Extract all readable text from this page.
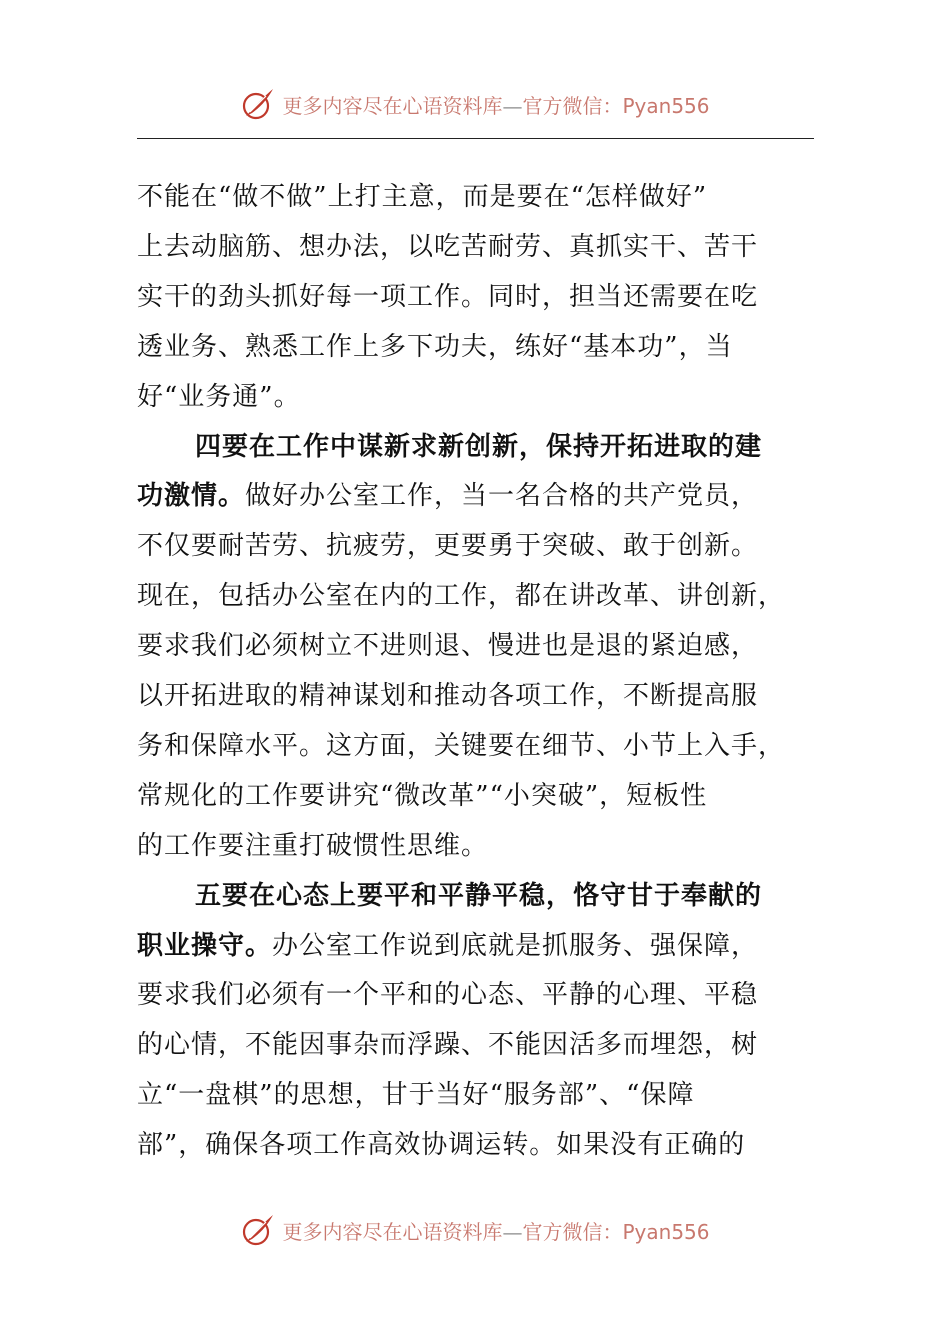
更多内容尽在心语资料库—官方微信：Pyan556
不能在“做不做”上打主意，而是要在“怎样做好”
上去动脑筋、想办法，以吃苦耐劳、真抓实干、苦干
实干的劲头抓好每一项工作。同时，担当还需要在吃
透业务、熟悉工作上多下功夫，练好“基本功”，当
好“业务通”。
四要在工作中谋新求新创新，保持开拓进取的建
功激情。做好办公室工作，当一名合格的共产党员，
不仅要耐苦劳、抗疲劳，更要勇于突破、敢于创新。
现在，包括办公室在内的工作，都在讲改革、讲创新，
要求我们必须树立不进则退、慢进也是退的紧迫感，
以开拓进取的精神谋划和推动各项工作，不断提高服
务和保障水平。这方面，关键要在细节、小节上入手，
常规化的工作要讲究“微改革”“小突破”，短板性
的工作要注重打破惯性思维。
五要在心态上要平和平静平稳，恪守甘于奉献的
职业操守。办公室工作说到底就是抓服务、强保障，
要求我们必须有一个平和的心态、平静的心理、平稳
的心情，不能因事杂而浮躁、不能因活多而埋怨，树
立“一盘棋”的思想，甘于当好“服务部”、“保障
部”，确保各项工作高效协调运转。如果没有正确的
更多内容尽在心语资料库—官方微信：Pyan556
